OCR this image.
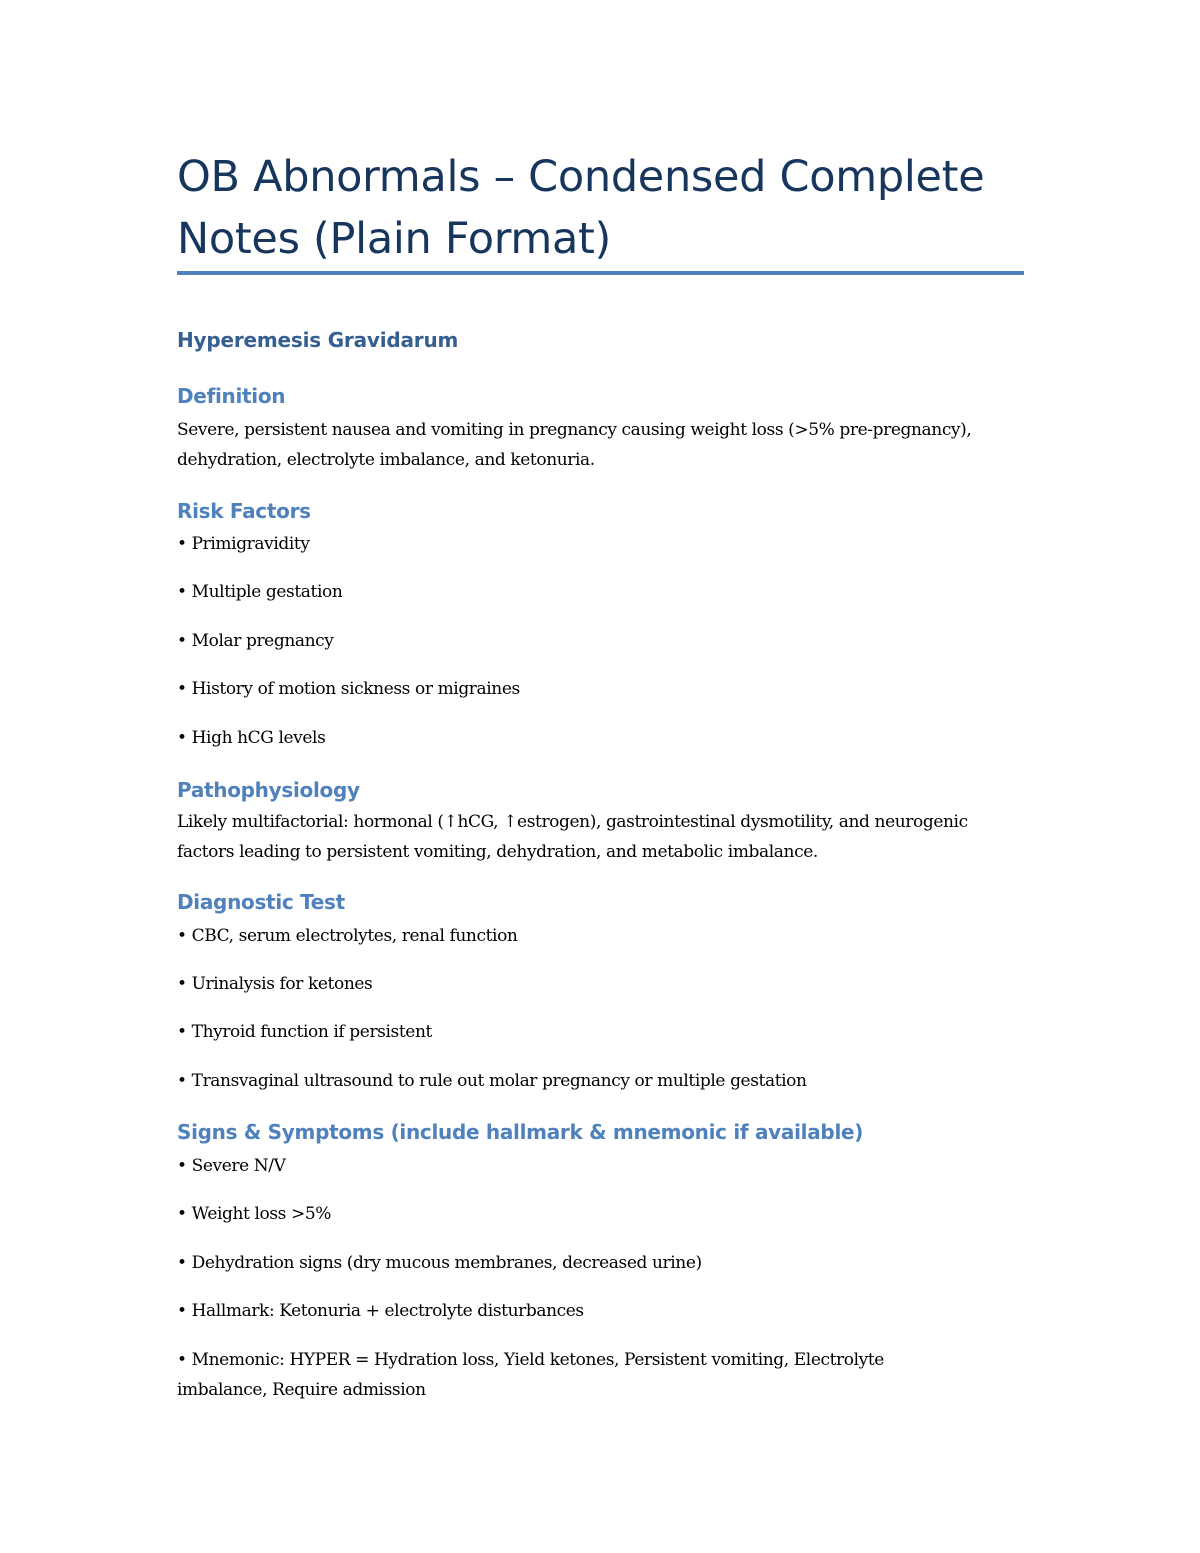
OB Abnormals – Condensed Complete Notes (Plain Format)
Hyperemesis Gravidarum
Definition

Severe, persistent nausea and vomiting in pregnancy causing weight loss (>5% pre-pregnancy), dehydration, electrolyte imbalance, and ketonuria.

Risk Factors

• Primigravidity

• Multiple gestation

• Molar pregnancy

• History of motion sickness or migraines

• High hCG levels

Pathophysiology

Likely multifactorial: hormonal (↑hCG, ↑estrogen), gastrointestinal dysmotility, and neurogenic factors leading to persistent vomiting, dehydration, and metabolic imbalance.

Diagnostic Test

• CBC, serum electrolytes, renal function

• Urinalysis for ketones

• Thyroid function if persistent

• Transvaginal ultrasound to rule out molar pregnancy or multiple gestation

Signs & Symptoms (include hallmark & mnemonic if available)

• Severe N/V

• Weight loss >5%

• Dehydration signs (dry mucous membranes, decreased urine)

• Hallmark: Ketonuria + electrolyte disturbances

• Mnemonic: HYPER = Hydration loss, Yield ketones, Persistent vomiting, Electrolyte imbalance, Require admission
